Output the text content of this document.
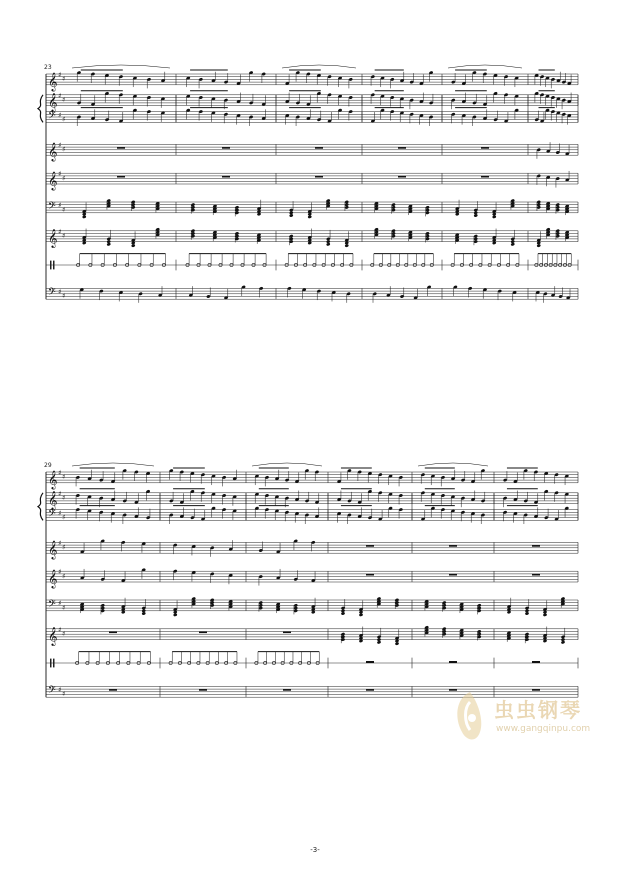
𝄞 ♯
♯
𝄞 ♯
♯
𝄢 ♯
♯
𝄞 ♯
♯
𝄞 ♯
♯
𝄢 ♯
♯
𝄞 ♯
♯
𝄢 ♯
♯
𝄞 ♯
♯
𝄞 ♯
♯
𝄢 ♯
♯
𝄞 ♯
♯
𝄞 ♯
♯
𝄢 ♯
♯
𝄞 ♯
♯
𝄢 ♯
♯
23
29
-3-
虫虫钢琴
www.gangqinpu.com
